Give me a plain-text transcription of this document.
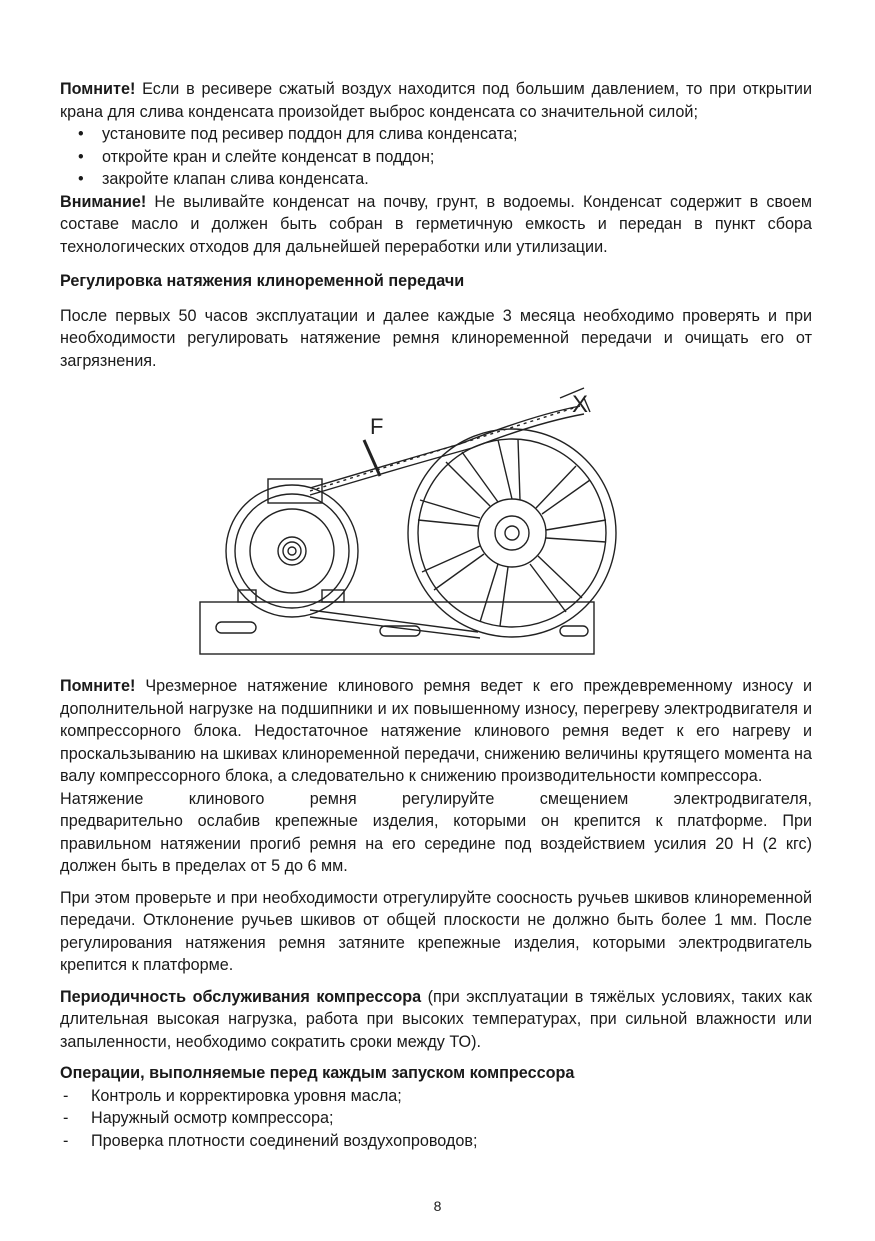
Помните! Если в ресивере сжатый воздух находится под большим давлением, то при открытии крана для слива конденсата произойдет выброс конденсата со значительной силой;

• установите под ресивер поддон для слива конденсата;
• откройте кран и слейте конденсат в поддон;
• закройте клапан слива конденсата.

Внимание! Не выливайте конденсат на почву, грунт, в водоемы. Конденсат содержит в своем составе масло и должен быть собран в герметичную емкость и передан в пункт сбора технологических отходов для дальнейшей переработки или утилизации.

Регулировка натяжения клиноременной передачи

После первых 50 часов эксплуатации и далее каждые 3 месяца необходимо проверять и при необходимости регулировать натяжение ремня клиноременной передачи и очищать его от загрязнения.

F
X

Помните! Чрезмерное натяжение клинового ремня ведет к его преждевременному износу и дополнительной нагрузке на подшипники и их повышенному износу, перегреву электродвигателя и компрессорного блока. Недостаточное натяжение клинового ремня ведет к его нагреву и проскальзыванию на шкивах клиноременной передачи, снижению величины крутящего момента на валу компрессорного блока, а следовательно к снижению производительности компрессора.

Натяжение клинового ремня регулируйте смещением электродвигателя,

предварительно ослабив крепежные изделия, которыми он крепится к платформе. При правильном натяжении прогиб ремня на его середине под воздействием усилия 20 Н (2 кгс) должен быть в пределах от 5 до 6 мм.

При этом проверьте и при необходимости отрегулируйте соосность ручьев шкивов клиноременной передачи. Отклонение ручьев шкивов от общей плоскости не должно быть более 1 мм. После регулирования натяжения ремня затяните крепежные изделия, которыми электродвигатель крепится к платформе.

Периодичность обслуживания компрессора (при эксплуатации в тяжёлых условиях, таких как длительная высокая нагрузка, работа при высоких температурах, при сильной влажности или запыленности, необходимо сократить сроки между ТО).

Операции, выполняемые перед каждым запуском компрессора

- Контроль и корректировка уровня масла;
- Наружный осмотр компрессора;
- Проверка плотности соединений воздухопроводов;
8
